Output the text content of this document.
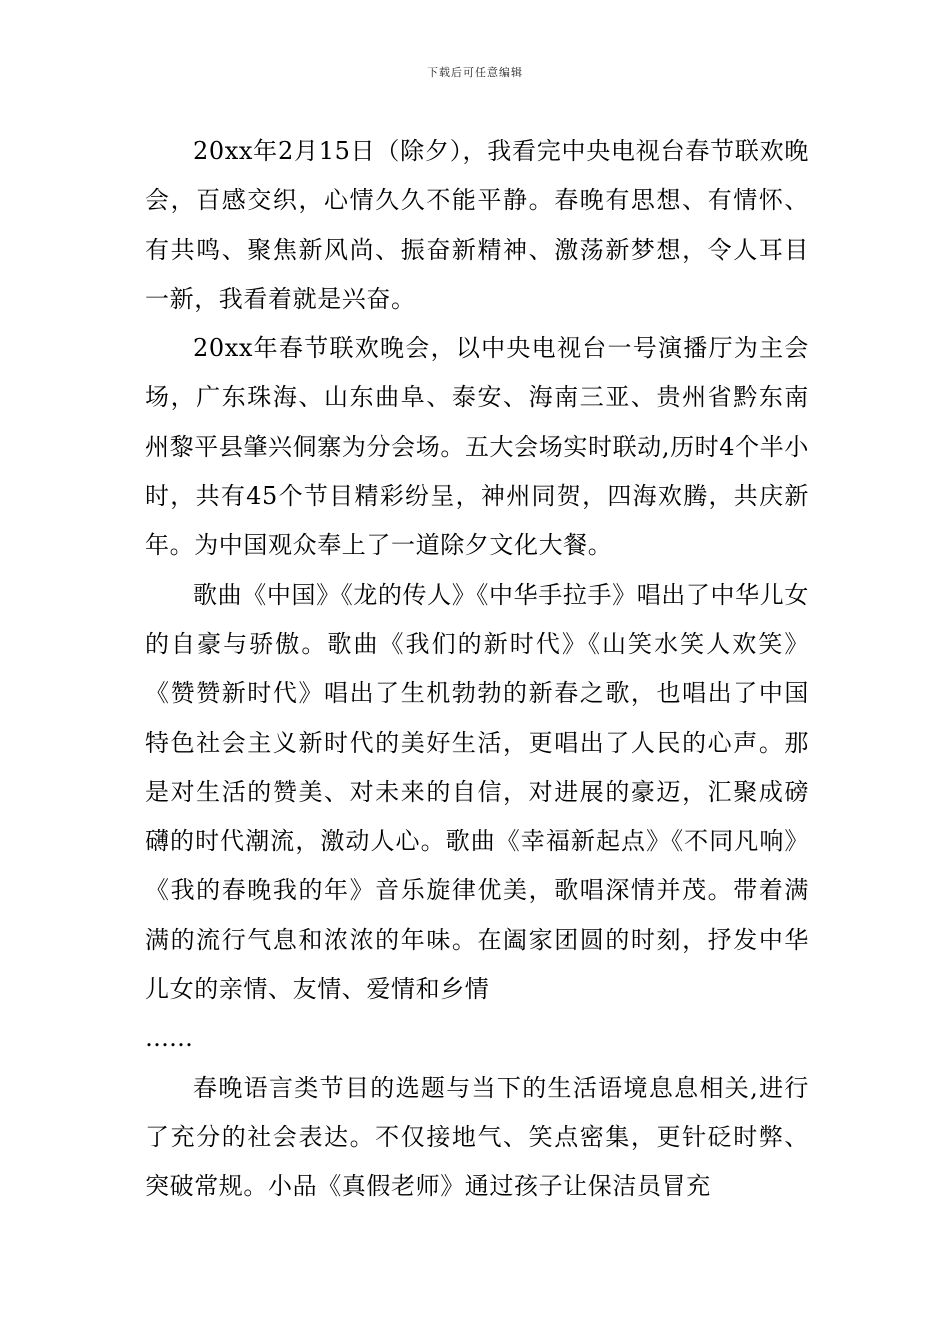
下载后可任意编辑

20xx年2月15日（除夕），我看完中央电视台春节联欢晚会，百感交织，心情久久不能平静。春晚有思想、有情怀、有共鸣、聚焦新风尚、振奋新精神、激荡新梦想，令人耳目一新，我看着就是兴奋。

20xx年春节联欢晚会，以中央电视台一号演播厅为主会场，广东珠海、山东曲阜、泰安、海南三亚、贵州省黔东南州黎平县肇兴侗寨为分会场。五大会场实时联动,历时4个半小时，共有45个节目精彩纷呈，神州同贺，四海欢腾，共庆新年。为中国观众奉上了一道除夕文化大餐。

歌曲《中国》《龙的传人》《中华手拉手》唱出了中华儿女的自豪与骄傲。歌曲《我们的新时代》《山笑水笑人欢笑》《赞赞新时代》唱出了生机勃勃的新春之歌，也唱出了中国特色社会主义新时代的美好生活，更唱出了人民的心声。那是对生活的赞美、对未来的自信，对进展的豪迈，汇聚成磅礴的时代潮流，激动人心。歌曲《幸福新起点》《不同凡响》《我的春晚我的年》音乐旋律优美，歌唱深情并茂。带着满满的流行气息和浓浓的年味。在阖家团圆的时刻，抒发中华儿女的亲情、友情、爱情和乡情

……

春晚语言类节目的选题与当下的生活语境息息相关,进行了充分的社会表达。不仅接地气、笑点密集，更针砭时弊、突破常规。小品《真假老师》通过孩子让保洁员冒充
